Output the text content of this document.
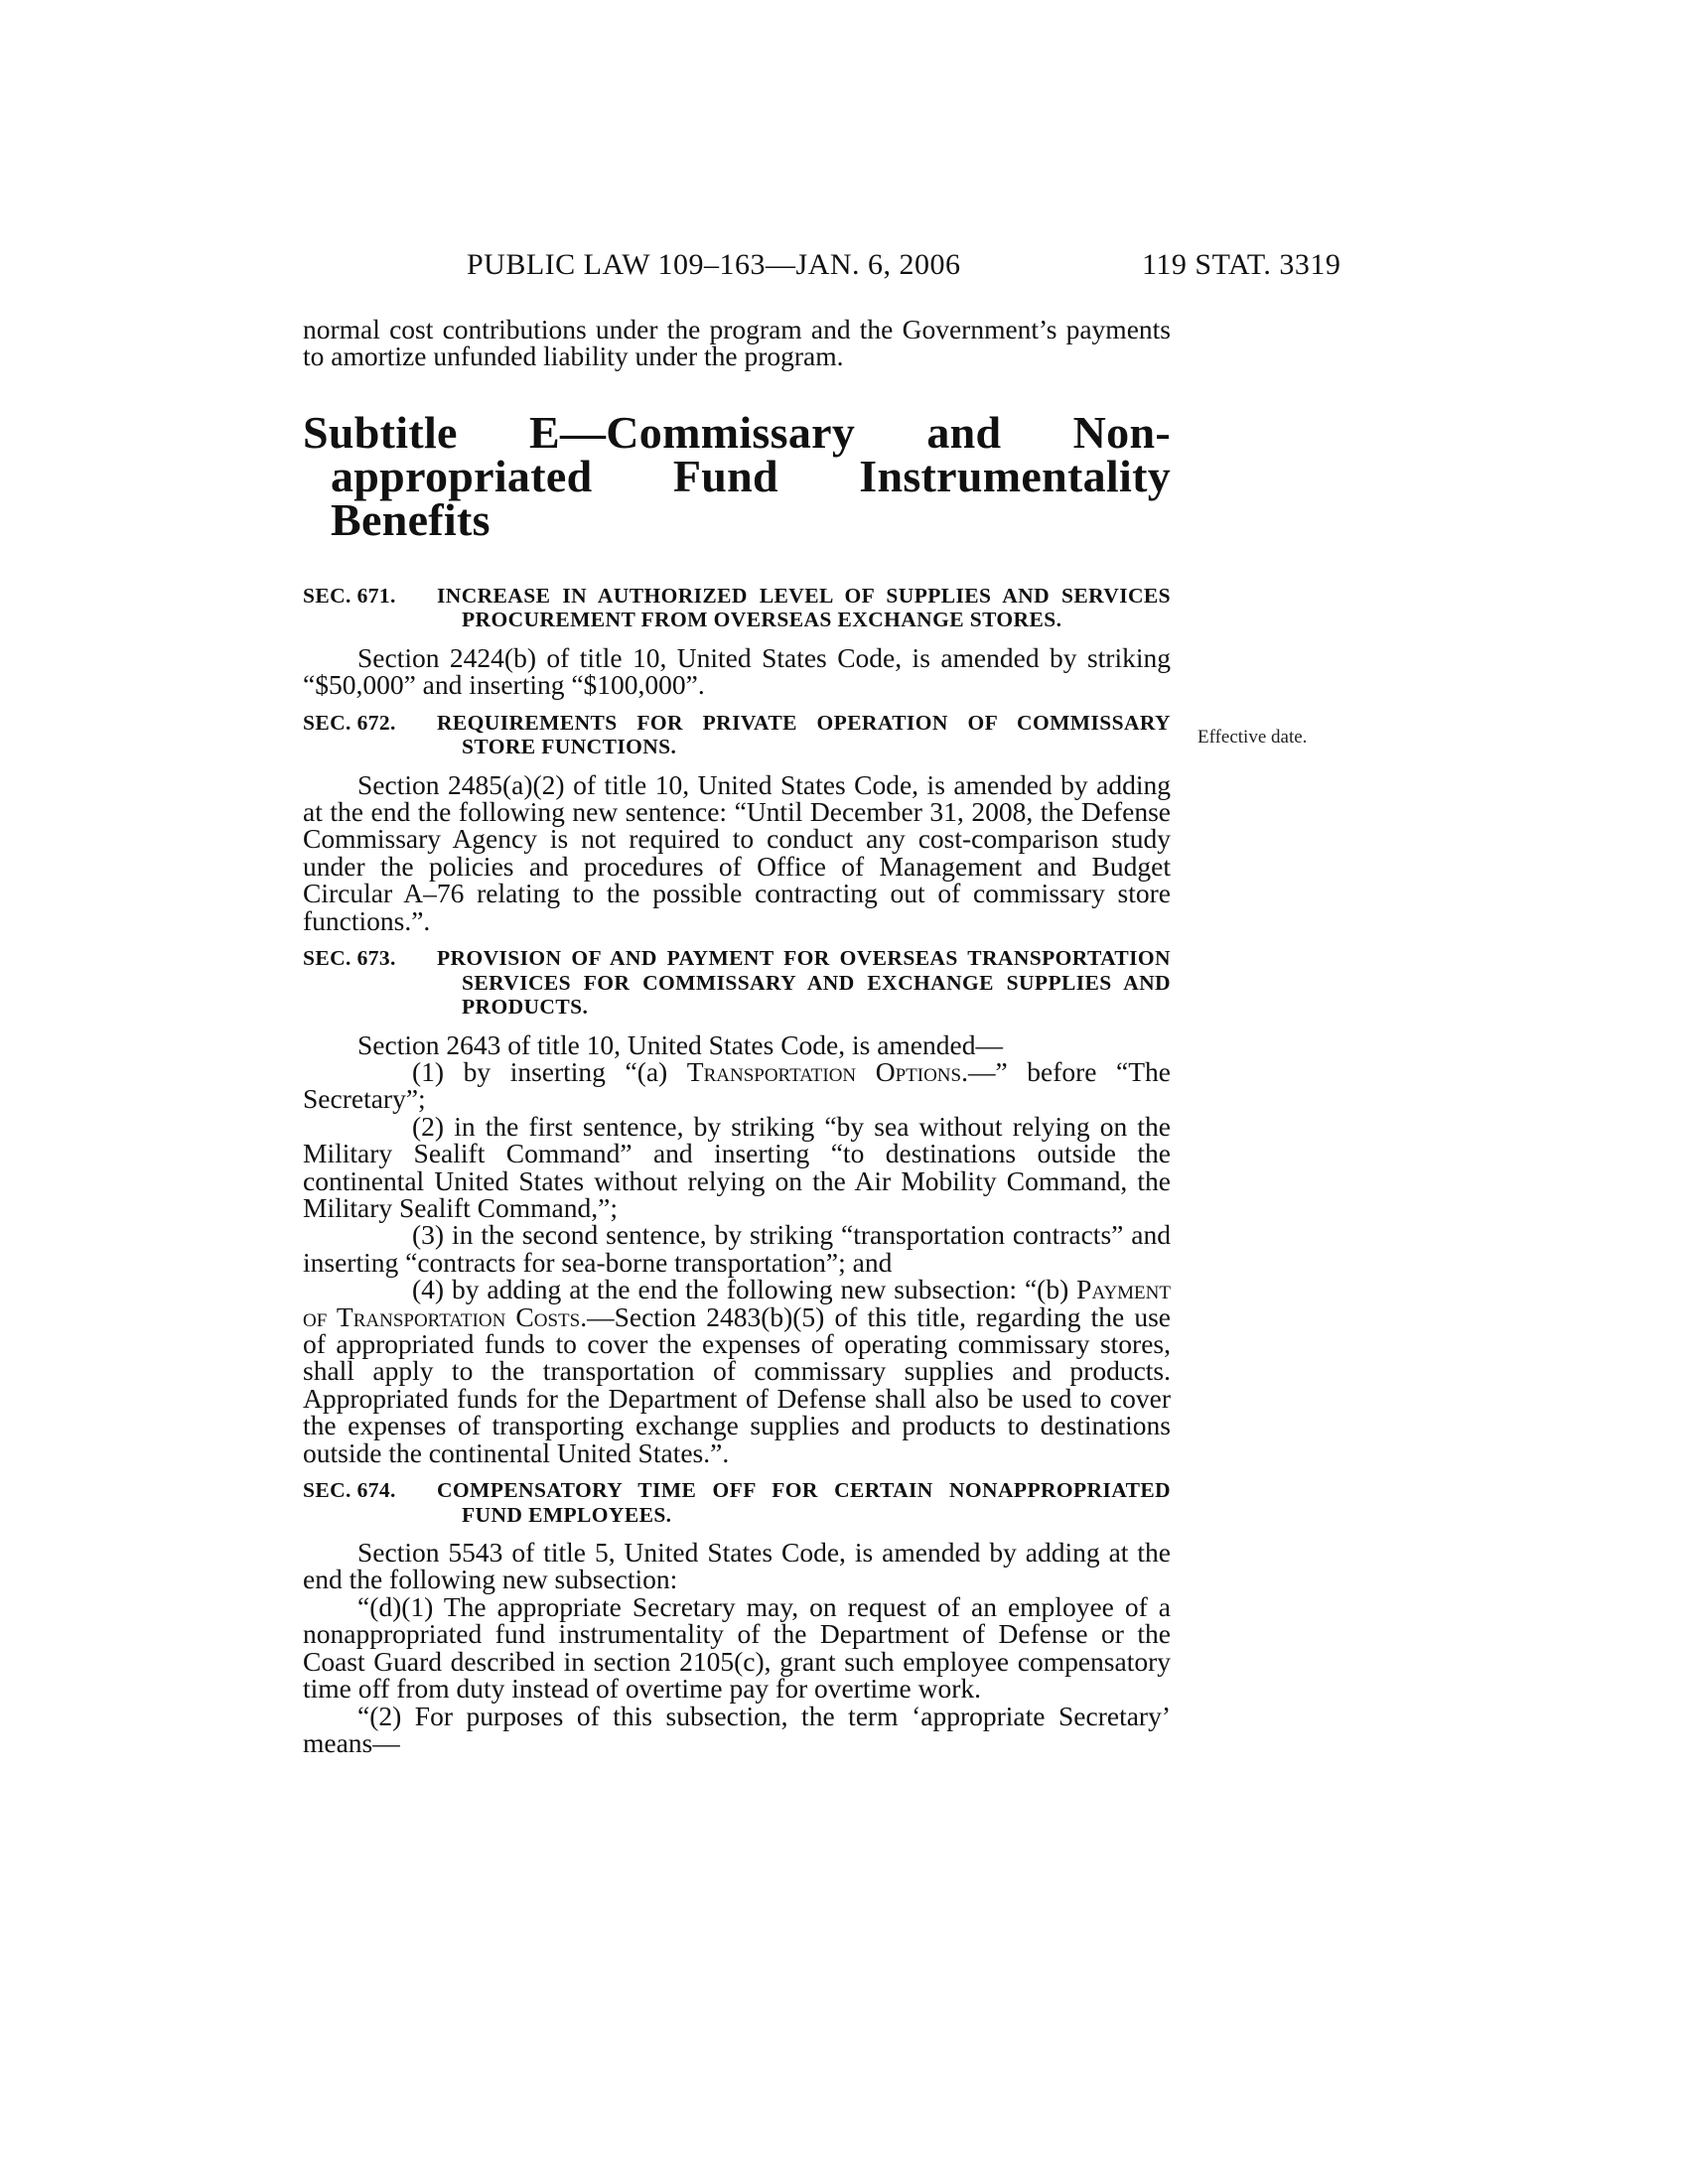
PUBLIC LAW 109–163—JAN. 6, 2006	119 STAT. 3319
Effective date.

normal cost contributions under the program and the Government’s payments to amortize unfunded liability under the program.

Subtitle E—Commissary and Non-appropriated Fund Instrumentality Benefits
SEC. 671. INCREASE IN AUTHORIZED LEVEL OF SUPPLIES AND SERVICES PROCUREMENT FROM OVERSEAS EXCHANGE STORES.

Section 2424(b) of title 10, United States Code, is amended by striking “$50,000” and inserting “$100,000”.

SEC. 672. REQUIREMENTS FOR PRIVATE OPERATION OF COMMISSARY STORE FUNCTIONS.

Section 2485(a)(2) of title 10, United States Code, is amended by adding at the end the following new sentence: “Until December 31, 2008, the Defense Commissary Agency is not required to conduct any cost-comparison study under the policies and procedures of Office of Management and Budget Circular A–76 relating to the possible contracting out of commissary store functions.”.

SEC. 673. PROVISION OF AND PAYMENT FOR OVERSEAS TRANSPORTATION SERVICES FOR COMMISSARY AND EXCHANGE SUPPLIES AND PRODUCTS.

Section 2643 of title 10, United States Code, is amended—

(1) by inserting “(a) Transportation Options.—” before “The Secretary”;

(2) in the first sentence, by striking “by sea without relying on the Military Sealift Command” and inserting “to destinations outside the continental United States without relying on the Air Mobility Command, the Military Sealift Command,”;

(3) in the second sentence, by striking “transportation contracts” and inserting “contracts for sea-borne transportation”; and

(4) by adding at the end the following new subsection: “(b) Payment of Transportation Costs.—Section 2483(b)(5) of this title, regarding the use of appropriated funds to cover the expenses of operating commissary stores, shall apply to the transportation of commissary supplies and products. Appropriated funds for the Department of Defense shall also be used to cover the expenses of transporting exchange supplies and products to destinations outside the continental United States.”.

SEC. 674. COMPENSATORY TIME OFF FOR CERTAIN NONAPPROPRIATED FUND EMPLOYEES.

Section 5543 of title 5, United States Code, is amended by adding at the end the following new subsection:

“(d)(1) The appropriate Secretary may, on request of an employee of a nonappropriated fund instrumentality of the Department of Defense or the Coast Guard described in section 2105(c), grant such employee compensatory time off from duty instead of overtime pay for overtime work.

“(2) For purposes of this subsection, the term ‘appropriate Secretary’ means—
